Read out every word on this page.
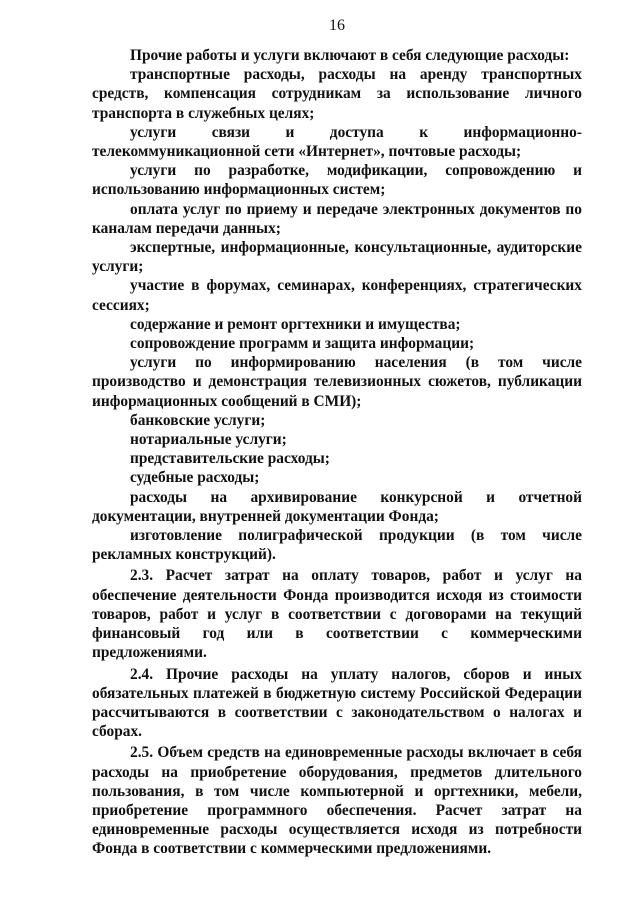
16

Прочие работы и услуги включают в себя следующие расходы:

транспортные расходы, расходы на аренду транспортных средств, компенсация сотрудникам за использование личного транспорта в служебных целях;

услуги связи и доступа к информационно-телекоммуникационной сети «Интернет», почтовые расходы;

услуги по разработке, модификации, сопровождению и использованию информационных систем;

оплата услуг по приему и передаче электронных документов по каналам передачи данных;

экспертные, информационные, консультационные, аудиторские услуги;

участие в форумах, семинарах, конференциях, стратегических сессиях;

содержание и ремонт оргтехники и имущества;

сопровождение программ и защита информации;

услуги по информированию населения (в том числе производство и демонстрация телевизионных сюжетов, публикации информационных сообщений в СМИ);

банковские услуги;

нотариальные услуги;

представительские расходы;

судебные расходы;

расходы на архивирование конкурсной и отчетной документации, внутренней документации Фонда;

изготовление полиграфической продукции (в том числе рекламных конструкций).

2.3. Расчет затрат на оплату товаров, работ и услуг на обеспечение деятельности Фонда производится исходя из стоимости товаров, работ и услуг в соответствии с договорами на текущий финансовый год или в соответствии с коммерческими предложениями.

2.4. Прочие расходы на уплату налогов, сборов и иных обязательных платежей в бюджетную систему Российской Федерации рассчитываются в соответствии с законодательством о налогах и сборах.

2.5. Объем средств на единовременные расходы включает в себя расходы на приобретение оборудования, предметов длительного пользования, в том числе компьютерной и оргтехники, мебели, приобретение программного обеспечения. Расчет затрат на единовременные расходы осуществляется исходя из потребности Фонда в соответствии с коммерческими предложениями.
